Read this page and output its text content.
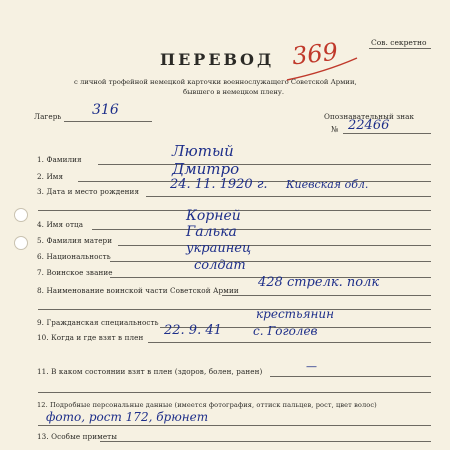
Сов. секретно
ПЕРЕВОД 369
с личной трофейной немецкой карточки военнослужащего Советской Армии,
бывшего в немецком плену.
Лагерь 316	Опознавательный знак
№ 22466
1. Фамилия	Лютый
2. Имя	Дмитро
3. Дата и место рождения 24. 11. 1920 г. Киевская обл.
4. Имя отца
Корней
5. Фамилия матери
Галька
6. Национальность
украинец
7. Воинское звание	солдат
8. Наименование воинской части Советской Армии
428 стрелк. полк
9. Гражданская специальность
крестьянин
10. Когда и где взят в плен 22. 9. 41	с. Гоголев
11. В каком состоянии взят в плен (здоров, болен, ранен)	—
12. Подробные персональные данные (имеется фотография, оттиск пальцев, рост, цвет волос)
фото, рост 172, брюнет
13. Особые приметы
